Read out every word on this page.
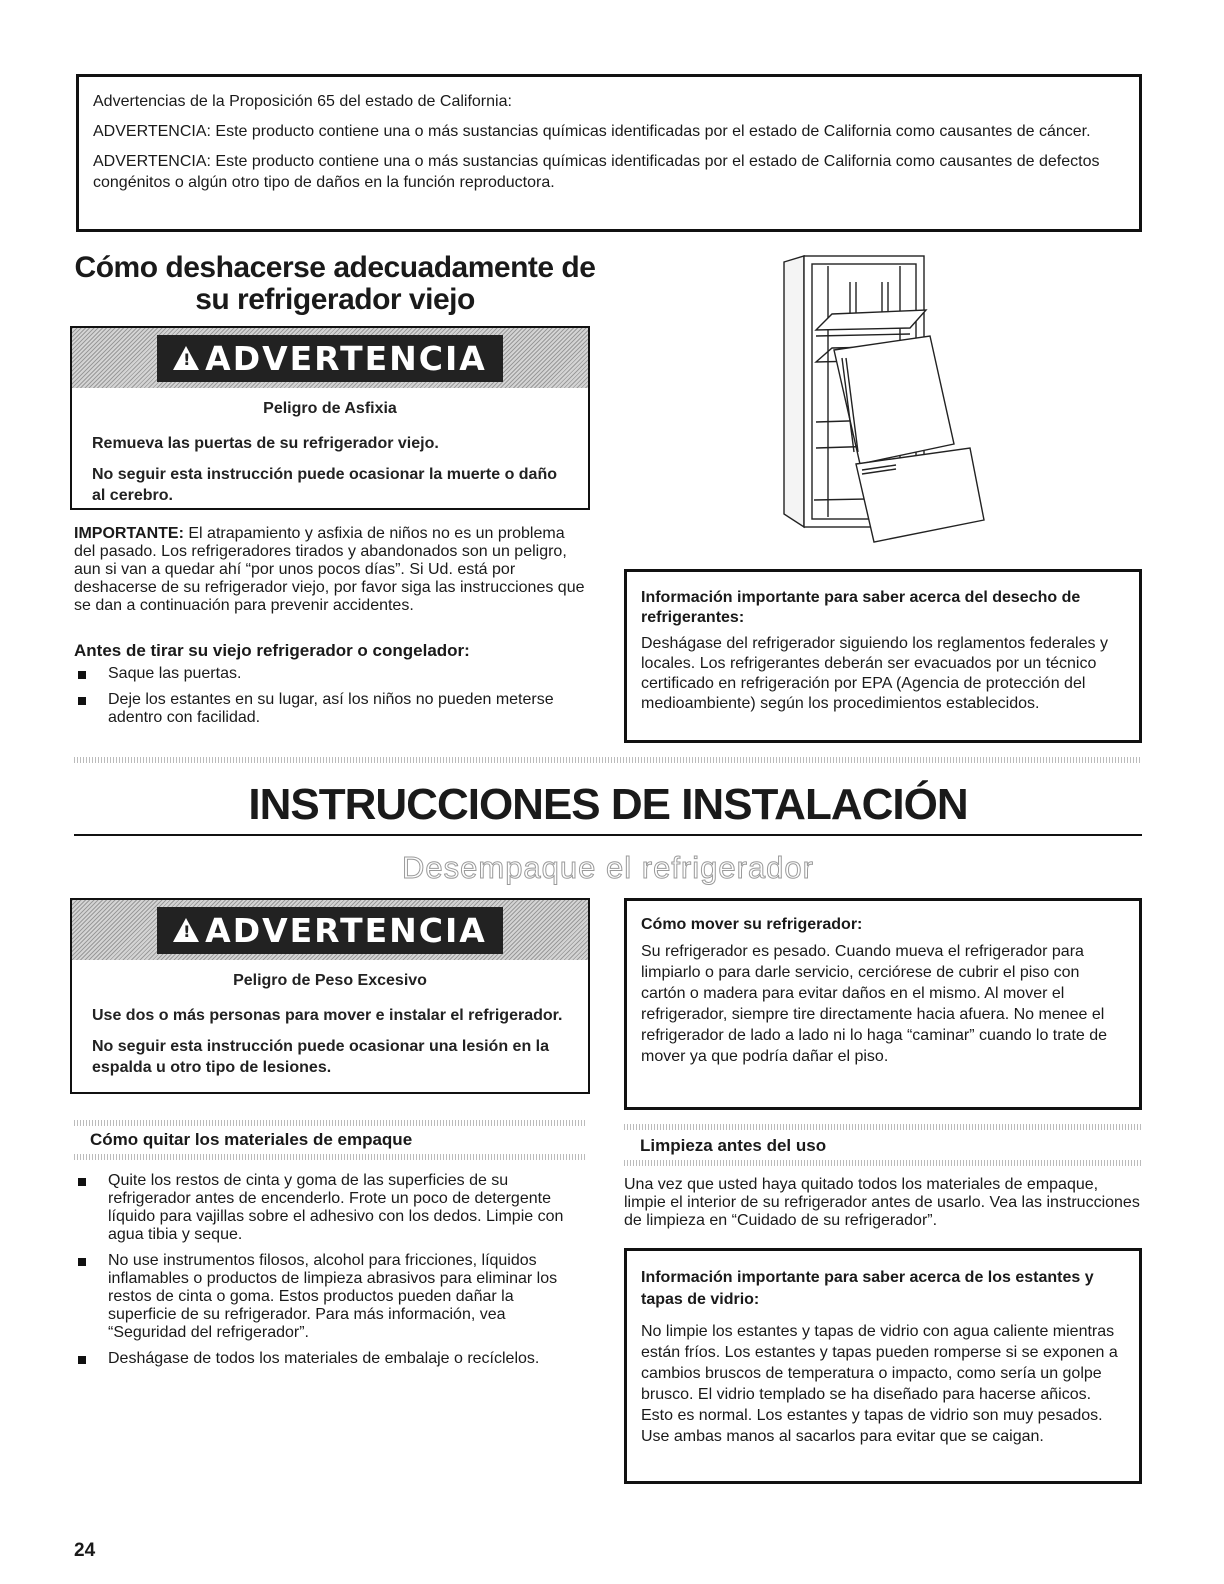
Advertencias de la Proposición 65 del estado de California:

ADVERTENCIA: Este producto contiene una o más sustancias químicas identificadas por el estado de California como causantes de cáncer.

ADVERTENCIA: Este producto contiene una o más sustancias químicas identificadas por el estado de California como causantes de defectos congénitos o algún otro tipo de daños en la función reproductora.

Cómo deshacerse adecuadamente de su refrigerador viejo
!
ADVERTENCIA

Peligro de Asfixia

Remueva las puertas de su refrigerador viejo.

No seguir esta instrucción puede ocasionar la muerte o daño al cerebro.

IMPORTANTE: El atrapamiento y asfixia de niños no es un problema del pasado. Los refrigeradores tirados y abandonados son un peligro, aun si van a quedar ahí “por unos pocos días”. Si Ud. está por deshacerse de su refrigerador viejo, por favor siga las instrucciones que se dan a continuación para prevenir accidentes.
Antes de tirar su viejo refrigerador o congelador:
Saque las puertas.
Deje los estantes en su lugar, así los niños no pueden meterse adentro con facilidad.

Información importante para saber acerca del desecho de refrigerantes:

Deshágase del refrigerador siguiendo los reglamentos federales y locales. Los refrigerantes deberán ser evacuados por un técnico certificado en refrigeración por EPA (Agencia de protección del medioambiente) según los procedimientos establecidos.

INSTRUCCIONES DE INSTALACIÓN
Desempaque el refrigerador
!
ADVERTENCIA

Peligro de Peso Excesivo

Use dos o más personas para mover e instalar el refrigerador.

No seguir esta instrucción puede ocasionar una lesión en la espalda u otro tipo de lesiones.

Cómo mover su refrigerador:

Su refrigerador es pesado. Cuando mueva el refrigerador para limpiarlo o para darle servicio, cerciórese de cubrir el piso con cartón o madera para evitar daños en el mismo. Al mover el refrigerador, siempre tire directamente hacia afuera. No menee el refrigerador de lado a lado ni lo haga “caminar” cuando lo trate de mover ya que podría dañar el piso.

Cómo quitar los materiales de empaque
Quite los restos de cinta y goma de las superficies de su refrigerador antes de encenderlo. Frote un poco de detergente líquido para vajillas sobre el adhesivo con los dedos. Limpie con agua tibia y seque.
No use instrumentos filosos, alcohol para fricciones, líquidos inflamables o productos de limpieza abrasivos para eliminar los restos de cinta o goma. Estos productos pueden dañar la superficie de su refrigerador. Para más información, vea “Seguridad del refrigerador”.
Deshágase de todos los materiales de embalaje o recíclelos.
Limpieza antes del uso
Una vez que usted haya quitado todos los materiales de empaque, limpie el interior de su refrigerador antes de usarlo. Vea las instrucciones de limpieza en “Cuidado de su refrigerador”.

Información importante para saber acerca de los estantes y tapas de vidrio:

No limpie los estantes y tapas de vidrio con agua caliente mientras están fríos. Los estantes y tapas pueden romperse si se exponen a cambios bruscos de temperatura o impacto, como sería un golpe brusco. El vidrio templado se ha diseñado para hacerse añicos. Esto es normal. Los estantes y tapas de vidrio son muy pesados. Use ambas manos al sacarlos para evitar que se caigan.

24
